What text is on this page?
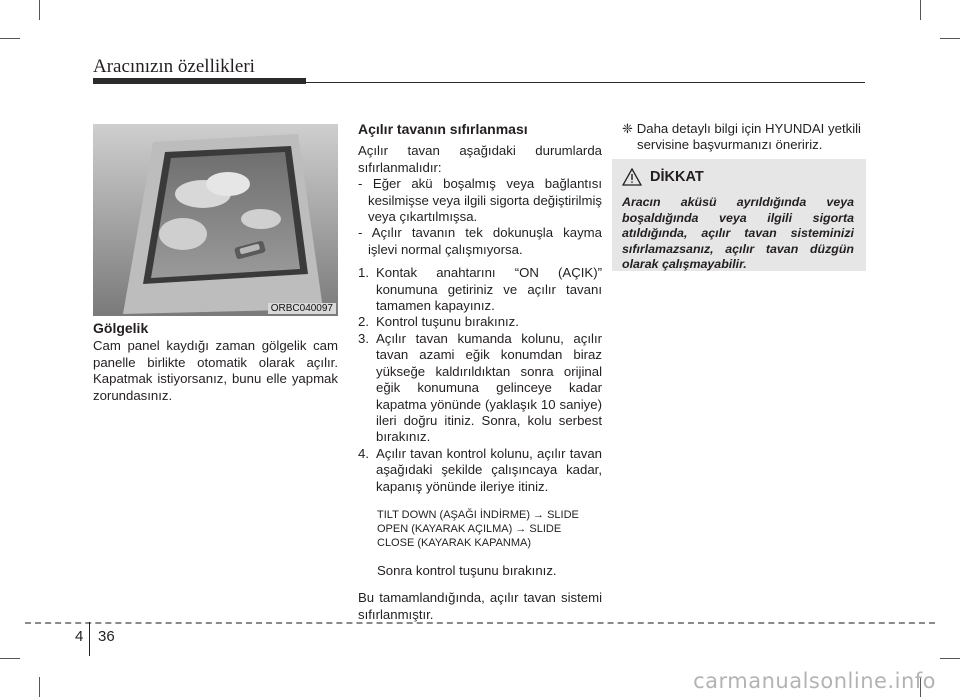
Aracınızın özellikleri
ORBC040097
Gölgelik

Cam panel kaydığı zaman gölgelik cam panelle birlikte otomatik olarak açılır. Kapatmak istiyorsanız, bunu elle yapmak zorundasınız.

Açılır tavanın sıfırlanması

Açılır tavan aşağıdaki durumlarda sıfırlanmalıdır:

- Eğer akü boşalmış veya bağlantısı kesilmişse veya ilgili sigorta değiştirilmiş veya çıkartılmışsa.

- Açılır tavanın tek dokunuşla kayma işlevi normal çalışmıyorsa.

1. Kontak anahtarını “ON (AÇIK)” konumuna getiriniz ve açılır tavanı tamamen kapayınız.
2. Kontrol tuşunu bırakınız.
3. Açılır tavan kumanda kolunu, açılır tavan azami eğik konumdan biraz yükseğe kaldırıldıktan sonra orijinal eğik konumuna gelinceye kadar kapatma yönünde (yaklaşık 10 saniye) ileri doğru itiniz. Sonra, kolu serbest bırakınız.
4. Açılır tavan kontrol kolunu, açılır tavan aşağıdaki şekilde çalışıncaya kadar, kapanış yönünde ileriye itiniz.
TILT DOWN (AŞAĞI İNDİRME) → SLIDE
OPEN (KAYARAK AÇILMA) → SLIDE
CLOSE (KAYARAK KAPANMA)

Sonra kontrol tuşunu bırakınız.

Bu tamamlandığında, açılır tavan sistemi sıfırlanmıştır.

❈ Daha detaylı bilgi için HYUNDAI yetkili servisine başvurmanızı öneririz.

DİKKAT
Aracın aküsü ayrıldığında veya boşaldığında veya ilgili sigorta atıldığında, açılır tavan sisteminizi sıfırlamazsanız, açılır tavan düzgün olarak çalışmayabilir.
4 36
carmanualsonline.info
